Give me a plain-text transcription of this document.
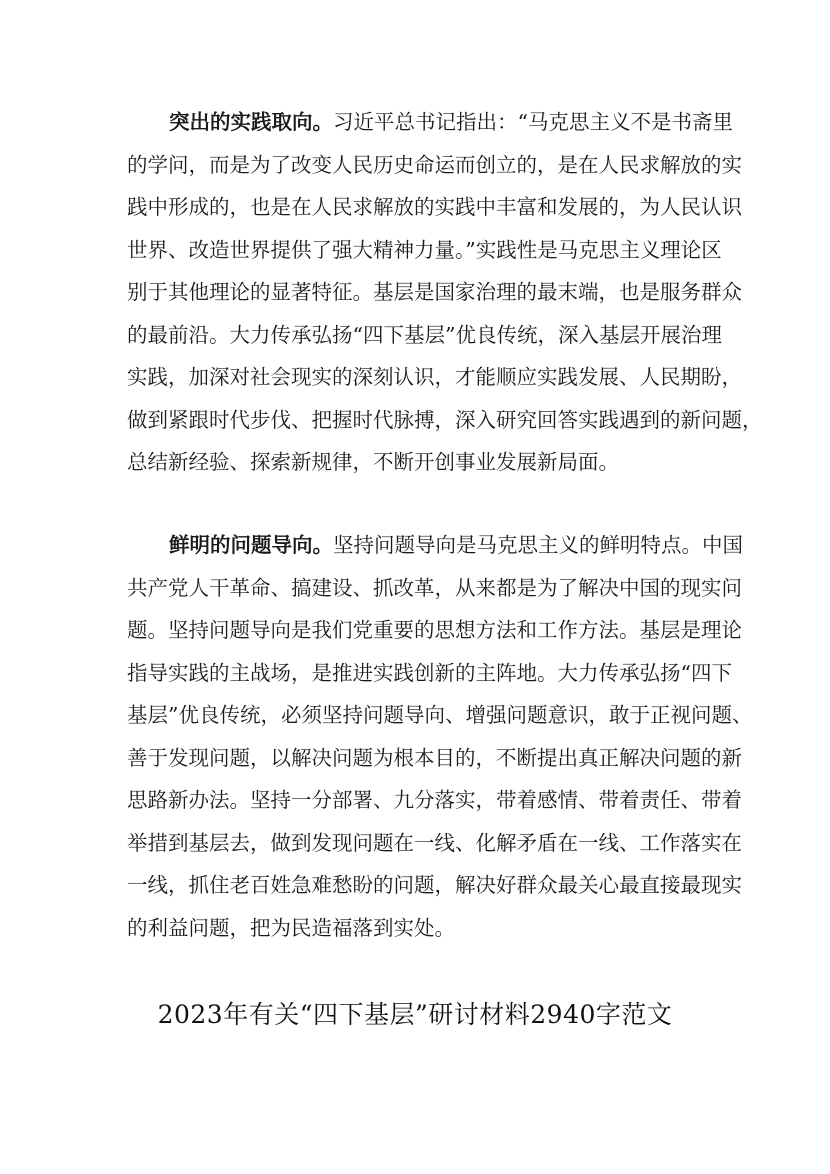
突出的实践取向。习近平总书记指出：“马克思主义不是书斋里
的学问，而是为了改变人民历史命运而创立的，是在人民求解放的实
践中形成的，也是在人民求解放的实践中丰富和发展的，为人民认识
世界、改造世界提供了强大精神力量。”实践性是马克思主义理论区
别于其他理论的显著特征。基层是国家治理的最末端，也是服务群众
的最前沿。大力传承弘扬“四下基层”优良传统，深入基层开展治理
实践，加深对社会现实的深刻认识，才能顺应实践发展、人民期盼，
做到紧跟时代步伐、把握时代脉搏，深入研究回答实践遇到的新问题，
总结新经验、探索新规律，不断开创事业发展新局面。
鲜明的问题导向。坚持问题导向是马克思主义的鲜明特点。中国
共产党人干革命、搞建设、抓改革，从来都是为了解决中国的现实问
题。坚持问题导向是我们党重要的思想方法和工作方法。基层是理论
指导实践的主战场，是推进实践创新的主阵地。大力传承弘扬“四下
基层”优良传统，必须坚持问题导向、增强问题意识，敢于正视问题、
善于发现问题，以解决问题为根本目的，不断提出真正解决问题的新
思路新办法。坚持一分部署、九分落实，带着感情、带着责任、带着
举措到基层去，做到发现问题在一线、化解矛盾在一线、工作落实在
一线，抓住老百姓急难愁盼的问题，解决好群众最关心最直接最现实
的利益问题，把为民造福落到实处。
2023年有关“四下基层”研讨材料2940字范文
